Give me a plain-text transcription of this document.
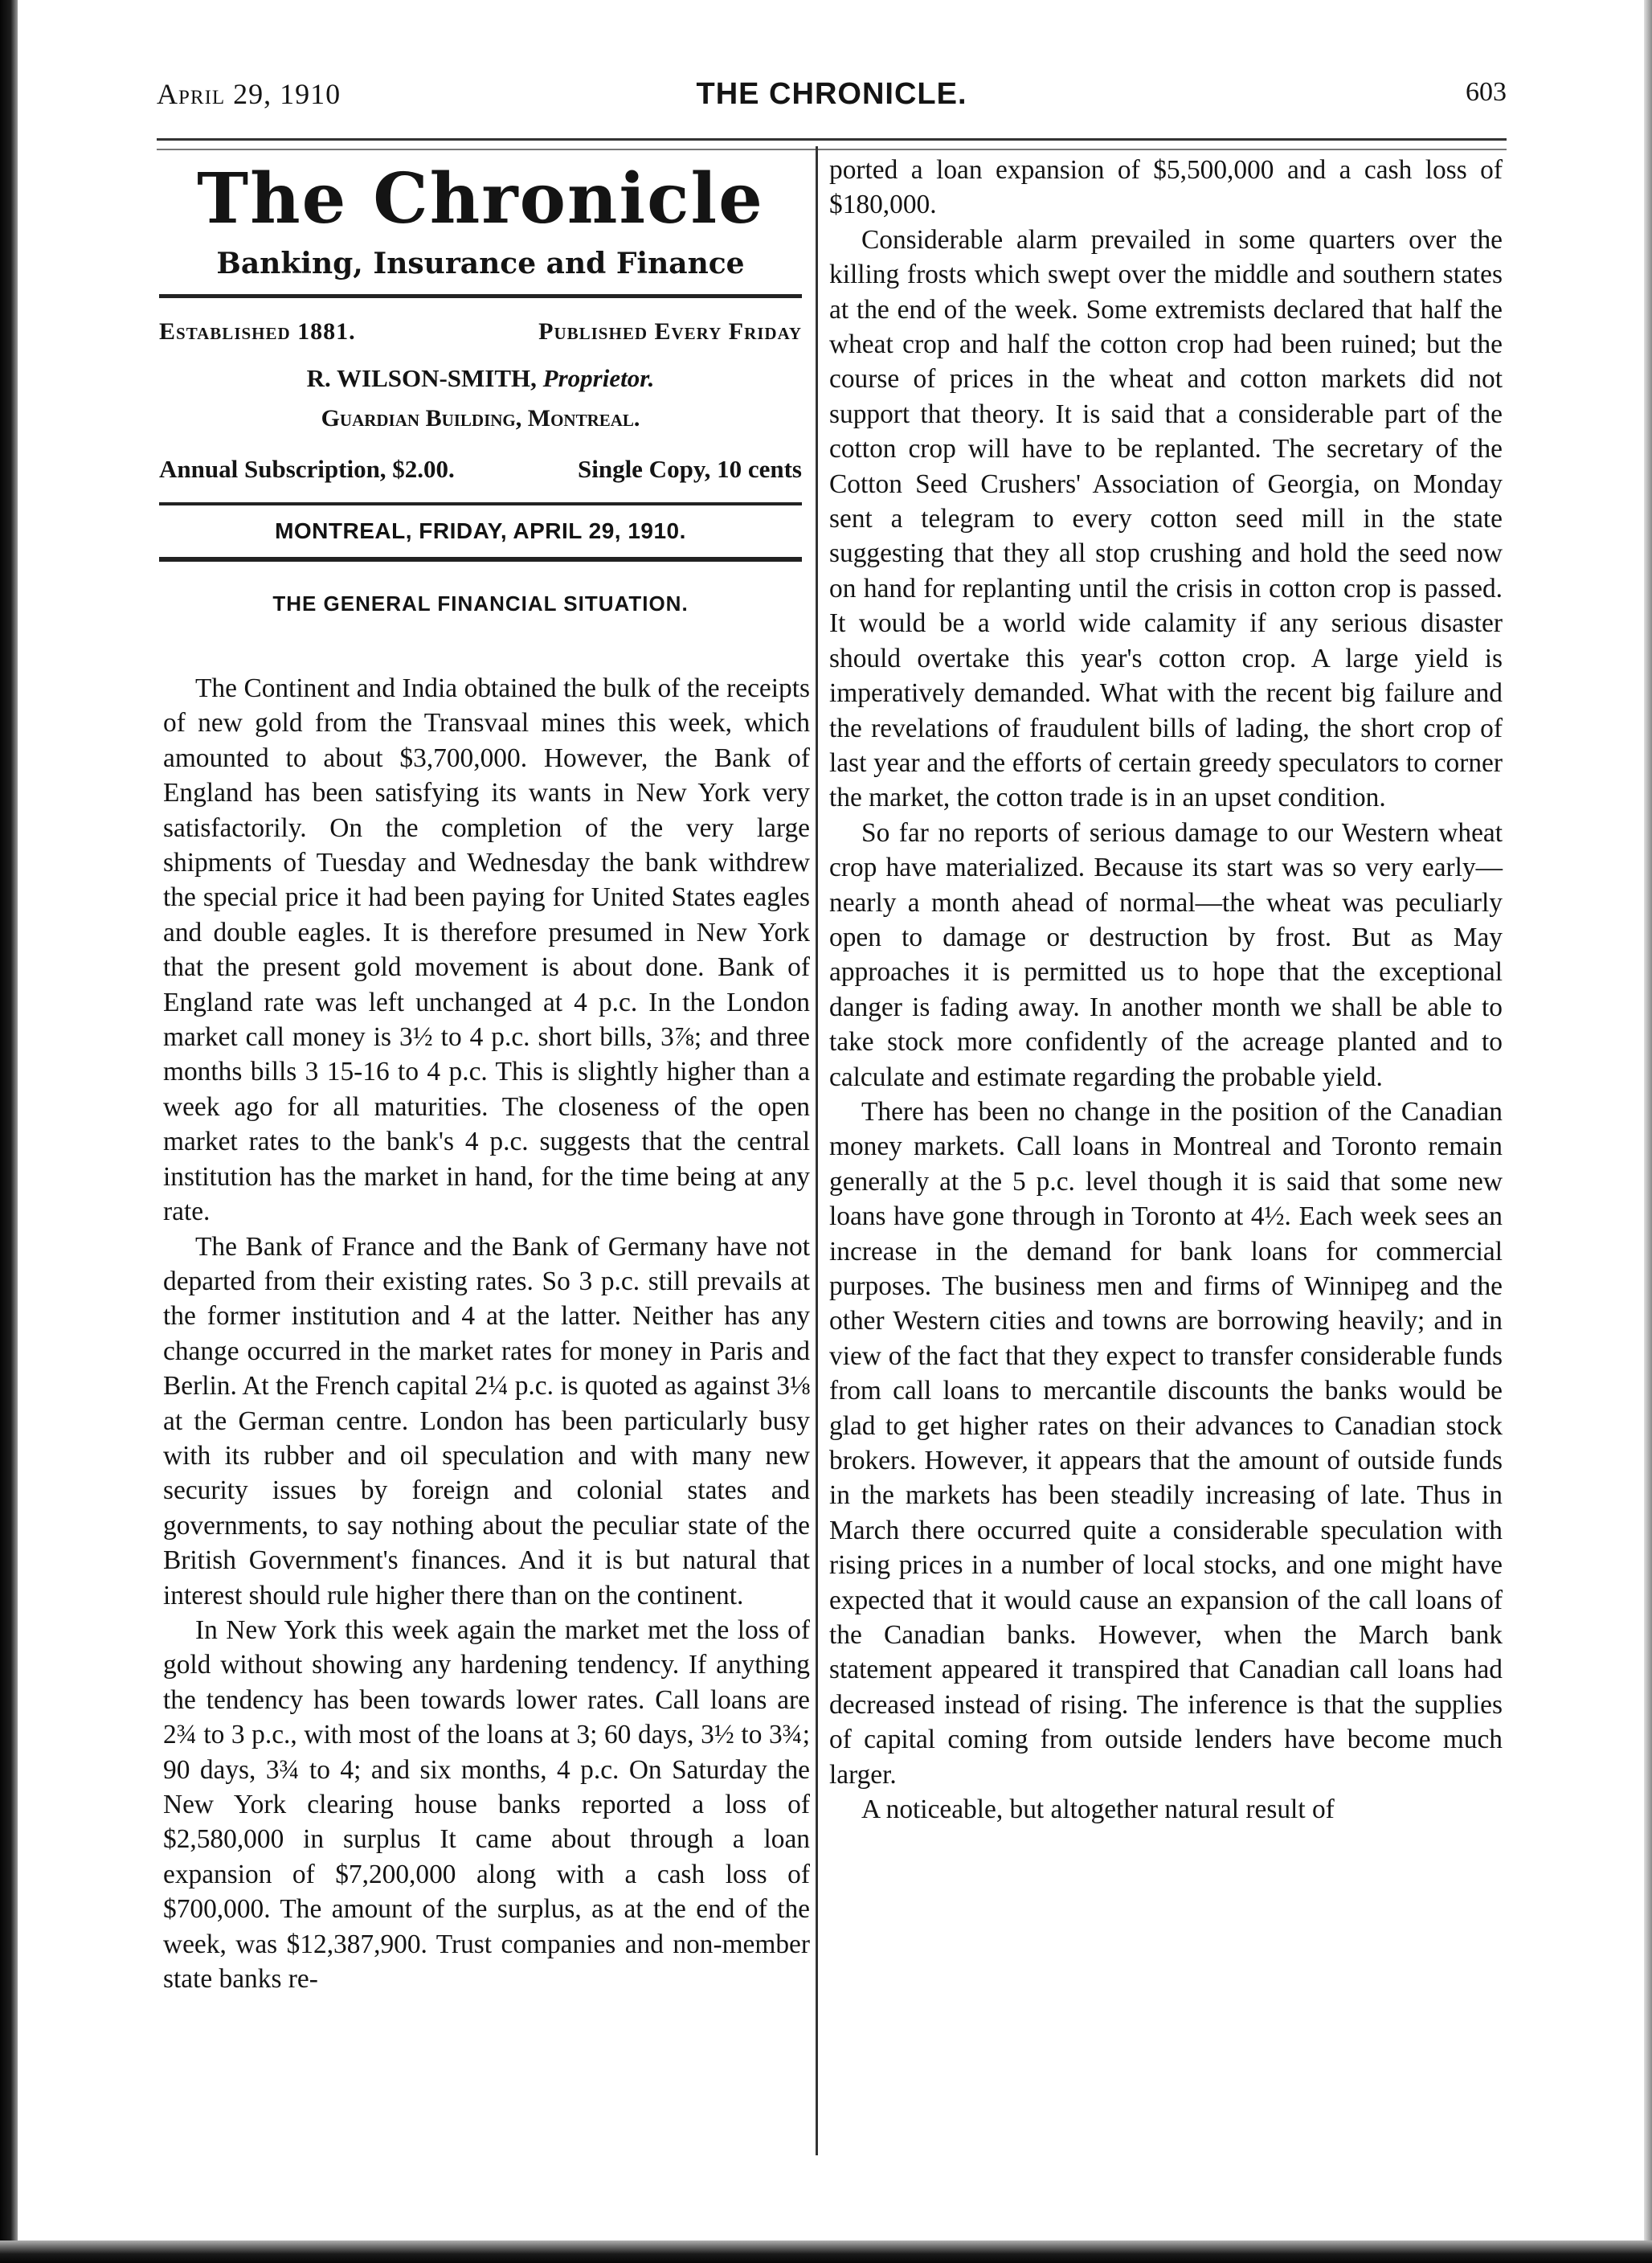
April 29, 1910	THE CHRONICLE.	603
The Chronicle
Banking, Insurance and Finance
Established 1881.	Published Every Friday
R. WILSON-SMITH, Proprietor.
Guardian Building, Montreal.
Annual Subscription, $2.00.	Single Copy, 10 cents
MONTREAL, FRIDAY, APRIL 29, 1910.
THE GENERAL FINANCIAL SITUATION.

The Continent and India obtained the bulk of the receipts of new gold from the Transvaal mines this week, which amounted to about $3,700,000. However, the Bank of England has been satisfying its wants in New York very satisfactorily. On the completion of the very large shipments of Tuesday and Wednesday the bank withdrew the special price it had been paying for United States eagles and double eagles. It is therefore presumed in New York that the present gold movement is about done. Bank of England rate was left unchanged at 4 p.c. In the London market call money is 3½ to 4 p.c. short bills, 3⅞; and three months bills 3 15-16 to 4 p.c. This is slightly higher than a week ago for all maturities. The closeness of the open market rates to the bank's 4 p.c. suggests that the central institution has the market in hand, for the time being at any rate.

The Bank of France and the Bank of Germany have not departed from their existing rates. So 3 p.c. still prevails at the former institution and 4 at the latter. Neither has any change occurred in the market rates for money in Paris and Berlin. At the French capital 2¼ p.c. is quoted as against 3⅛ at the German centre. London has been particularly busy with its rubber and oil speculation and with many new security issues by foreign and colonial states and governments, to say nothing about the peculiar state of the British Government's finances. And it is but natural that interest should rule higher there than on the continent.

In New York this week again the market met the loss of gold without showing any hardening tendency. If anything the tendency has been towards lower rates. Call loans are 2¾ to 3 p.c., with most of the loans at 3; 60 days, 3½ to 3¾; 90 days, 3¾ to 4; and six months, 4 p.c. On Saturday the New York clearing house banks reported a loss of $2,580,000 in surplus It came about through a loan expansion of $7,200,000 along with a cash loss of $700,000. The amount of the surplus, as at the end of the week, was $12,387,900. Trust companies and non-member state banks re-

ported a loan expansion of $5,500,000 and a cash loss of $180,000.

Considerable alarm prevailed in some quarters over the killing frosts which swept over the middle and southern states at the end of the week. Some extremists declared that half the wheat crop and half the cotton crop had been ruined; but the course of prices in the wheat and cotton markets did not support that theory. It is said that a considerable part of the cotton crop will have to be replanted. The secretary of the Cotton Seed Crushers' Association of Georgia, on Monday sent a telegram to every cotton seed mill in the state suggesting that they all stop crushing and hold the seed now on hand for replanting until the crisis in cotton crop is passed. It would be a world wide calamity if any serious disaster should overtake this year's cotton crop. A large yield is imperatively demanded. What with the recent big failure and the revelations of fraudulent bills of lading, the short crop of last year and the efforts of certain greedy speculators to corner the market, the cotton trade is in an upset condition.

So far no reports of serious damage to our Western wheat crop have materialized. Because its start was so very early—nearly a month ahead of normal—the wheat was peculiarly open to damage or destruction by frost. But as May approaches it is permitted us to hope that the exceptional danger is fading away. In another month we shall be able to take stock more confidently of the acreage planted and to calculate and estimate regarding the probable yield.

There has been no change in the position of the Canadian money markets. Call loans in Montreal and Toronto remain generally at the 5 p.c. level though it is said that some new loans have gone through in Toronto at 4½. Each week sees an increase in the demand for bank loans for commercial purposes. The business men and firms of Winnipeg and the other Western cities and towns are borrowing heavily; and in view of the fact that they expect to transfer considerable funds from call loans to mercantile discounts the banks would be glad to get higher rates on their advances to Canadian stock brokers. However, it appears that the amount of outside funds in the markets has been steadily increasing of late. Thus in March there occurred quite a considerable speculation with rising prices in a number of local stocks, and one might have expected that it would cause an expansion of the call loans of the Canadian banks. However, when the March bank statement appeared it transpired that Canadian call loans had decreased instead of rising. The inference is that the supplies of capital coming from outside lenders have become much larger.

A noticeable, but altogether natural result of
